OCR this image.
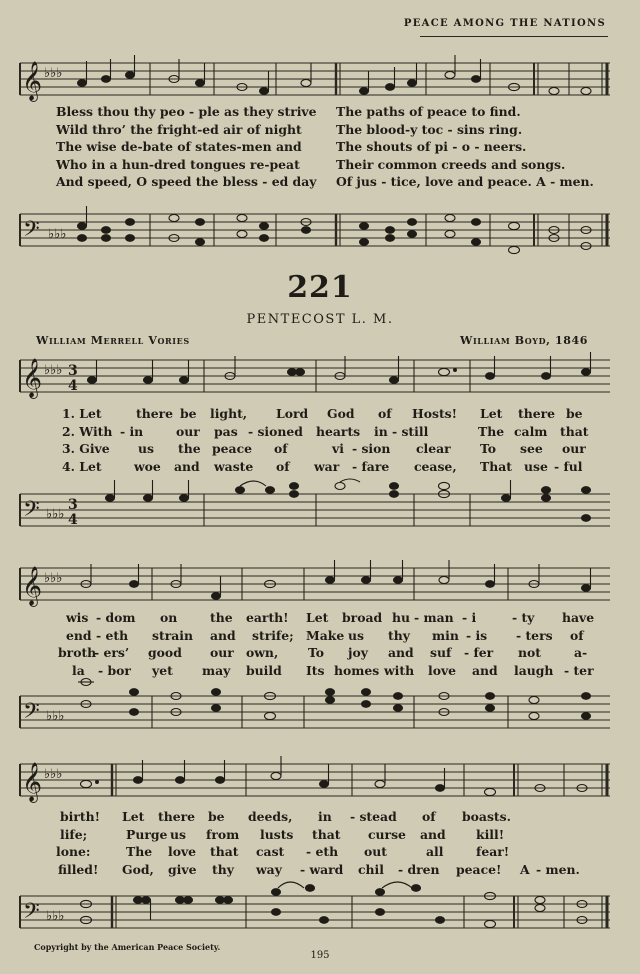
PEACE AMONG THE NATIONS
𝄞 ♭♭♭
Bless thou thy peo - ple as they strive The paths of peace to find.
Wild thro’ the fright-ed air of night	The blood-y toc - sins ring.
The wise de-bate of states-men and	The shouts of pi - o - neers.
Who in a hun-dred tongues re-peat	Their common creeds and songs.
And speed, O speed the bless - ed day Of jus - tice, love and peace. A - men.
𝄢 ♭♭♭
221
PENTECOST L. M.
William Merrell Vories	William Boyd, 1846
𝄞 ♭♭♭ 3
4
1. Let	there be light, Lord God of Hosts! Let there be
2. With - in	our pas - sioned hearts in - still	The calm that
3. Give us the peace of	vi - sion clear To see our
4. Let	woe and waste of war - fare cease, That use - ful
𝄢 ♭♭♭
3
4
𝄞 ♭♭♭
wis - dom on	the earth! Let broad hu - man - i	- ty have
end - eth strain and strife; Make us thy min - is - ters of
broth
- ers’ good our own, To joy and suf - fer not	a-
la - bor yet may build Its homes with love and laugh - ter
𝄢 ♭♭♭
𝄞 ♭♭♭
birth! Let there be deeds, in - stead of boasts.
life;	Purge us from lusts that curse and kill!
lone:	The love that cast - eth out	all	fear!
filled! God, give thy way - ward chil - dren peace! A - men.
𝄢 ♭♭♭
Copyright by the American Peace Society.
195
